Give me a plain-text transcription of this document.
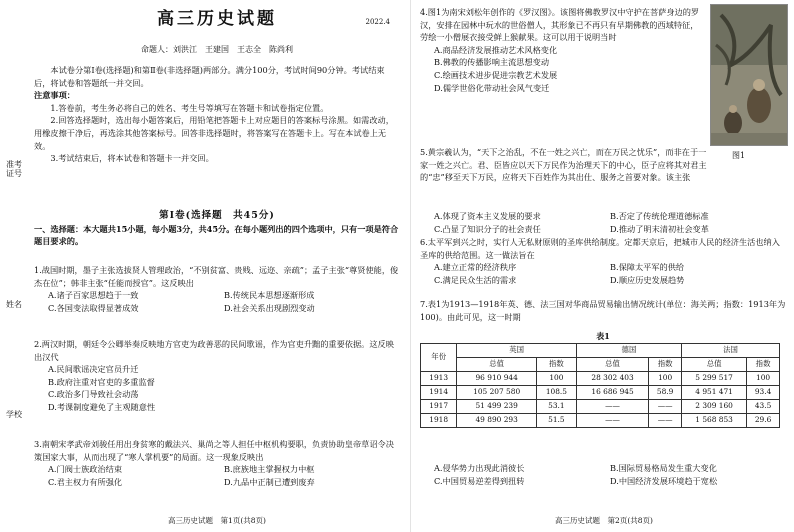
准考证号
姓名
学校
高三历史试题	2022.4
命题人：刘洪江　王建国　王志全　陈尚利

本试卷分第Ⅰ卷(选择题)和第Ⅱ卷(非选择题)两部分。满分100分，考试时间90分钟。考试结束后，将试卷和答题纸一并交回。

注意事项：

1.答卷前，考生务必将自己的姓名、考生号等填写在答题卡和试卷指定位置。

2.回答选择题时，选出每小题答案后，用铅笔把答题卡上对应题目的答案标号涂黑。如需改动，用橡皮擦干净后，再选涂其他答案标号。回答非选择题时，将答案写在答题卡上。写在本试卷上无效。

3.考试结束后，将本试卷和答题卡一并交回。

第Ⅰ卷(选择题　共45分)

一、选择题：本大题共15小题，每小题3分，共45分。在每小题列出的四个选项中，只有一项是符合题目要求的。

1.战国时期，墨子主张选拔贤人管理政治，“不别贫富、贵贱、远迩、亲疏”；孟子主张“尊贤使能，俊杰在位”；韩非主张“任能而授官”。这反映出

A.诸子百家思想趋于一致	B.传统民本思想逐渐形成
C.各国变法取得显著成效	D.社会关系出现剧烈变动

2.两汉时期，朝廷令公卿举奏反映地方官吏为政善恶的民间歌谣，作为官吏升黜的重要依据。这反映出汉代

A.民间歌谣决定官员升迁

B.政府注重对官吏的多重监督

C.政治多门导致社会动荡

D.考课制度避免了主观随意性

3.南朝宋孝武帝刘骏任用出身贫寒的戴法兴、巢尚之等人担任中枢机构要职，负责协助皇帝草诏令决策国家大事，从而出现了“寒人掌机要”的局面。这一现象反映出

A.门阀士族政治结束	B.庶族地主掌握权力中枢
C.君主权力有所强化	D.九品中正制已遭到废弃
高三历史试题　第1页(共8页)

4.图1为南宋刘松年创作的《罗汉图》。该图将佛教罗汉中守护在菩萨身边的罗汉，安排在园林中玩水的世俗僧人，其形象已不再只有早期佛教的西域特征，劳绘一小僧展衣接受鲜上猴献果。这可以用于说明当时

A.商品经济发展推动艺术风格变化

B.佛教的传播影响主流思想变动

C.绘画技术进步促进宗教艺术发展

D.儒学世俗化带动社会风气变迁

图1

5.黄宗羲认为，“天下之治乱，不在一姓之兴亡，而在万民之忧乐”，而非在于一家一姓之兴亡。君、臣皆应以天下万民作为治理天下的中心，臣子应将其对君主的“忠”移至天下万民，应将天下百姓作为其出仕、服务之首要对象。该主张

A.体现了资本主义发展的要求	B.否定了传统伦理道德标准
C.凸显了知识分子的社会责任	D.推动了明末清初社会变革

6.太平军到兴之时，实行人无私财原则的圣库供给制度。定都天京后，把城市人民的经济生活也纳入圣库的供给范围。这一做法旨在

A.建立正常的经济秩序	B.保障太平军的供给
C.满足民众生活的需求	D.顺应历史发展趋势

7.表1为1913—1918年英、德、法三国对华商品贸易输出情况统计(单位：海关两；指数：1913年为100)。由此可见，这一时期

表1

年份	英国		德国		法国	
	总值	指数	总值	指数	总值	指数
1913	96 910 944	100	28 302 403	100	5 299 517	100
1914	105 207 580	108.5	16 686 945	58.9	4 951 471	93.4
1917	51 499 239	53.1	——	——	2 309 160	43.5
1918	49 890 293	51.5	——	——	1 568 853	29.6
A.侵华势力出现此消彼长	B.国际贸易格局发生重大变化
C.中国贸易逆差得到扭转	D.中国经济发展环境趋于宽松
高三历史试题　第2页(共8页)
